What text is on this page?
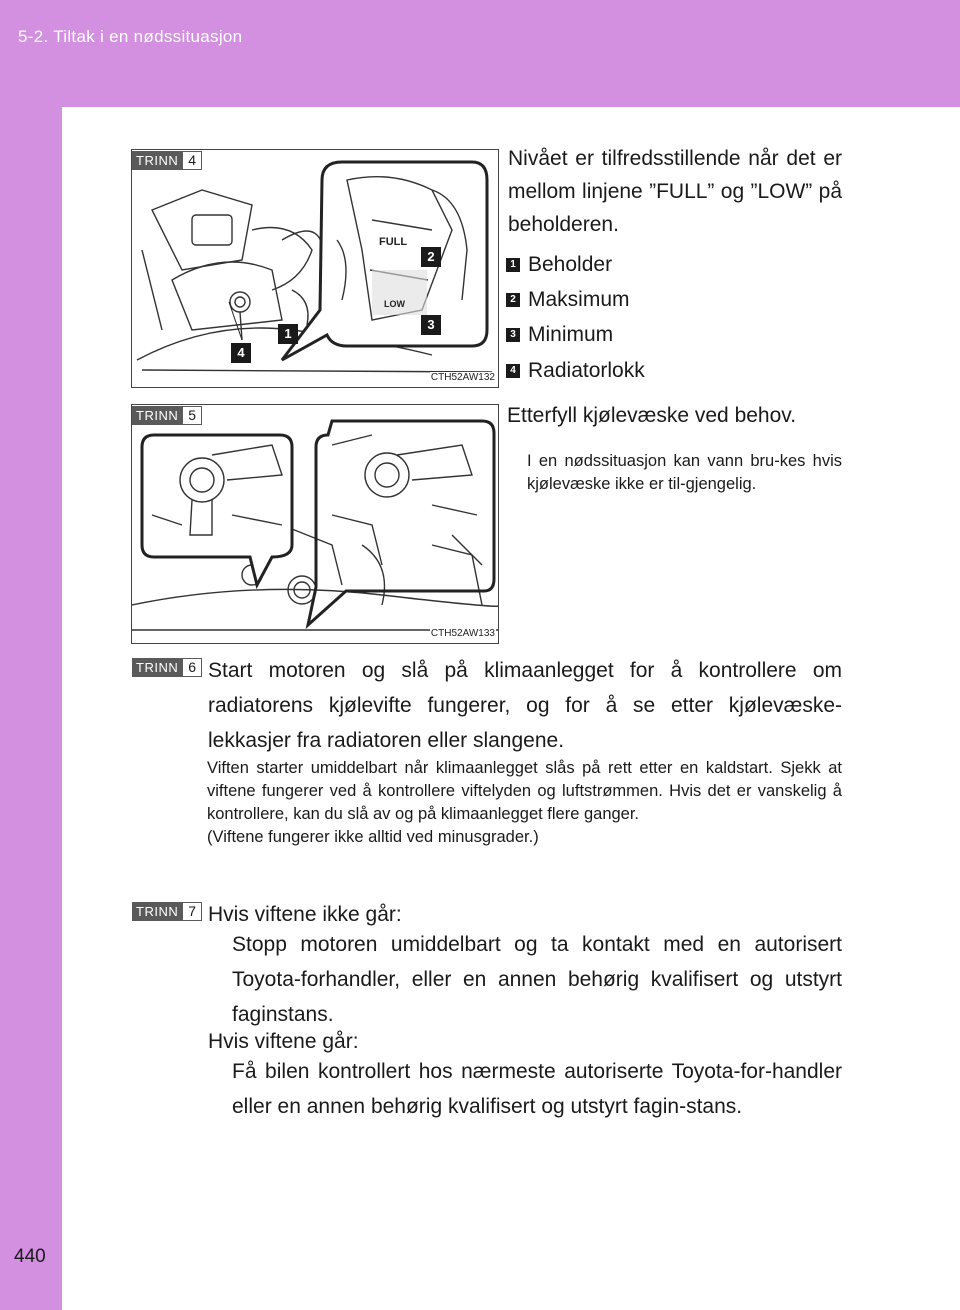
5-2. Tiltak i en nødssituasjon
440
FULL
LOW
1
2
3
4
CTH52AW132
TRINN 4	Nivået er tilfredsstillende når det er mellom linjene ”FULL” og ”LOW” på beholderen.
1 Beholder
2 Maksimum
3 Minimum
4 Radiatorlokk
CTH52AW133
TRINN 5	Etterfyll kjølevæske ved behov.
I en nødssituasjon kan vann bru-kes hvis kjølevæske ikke er til-gjengelig.
TRINN 6 Start motoren og slå på klimaanlegget for å kontrollere om radiatorens kjølevifte fungerer, og for å se etter kjølevæske-lekkasjer fra radiatoren eller slangene.
Viften starter umiddelbart når klimaanlegget slås på rett etter en kaldstart. Sjekk at viftene fungerer ved å kontrollere viftelyden og luftstrømmen. Hvis det er vanskelig å kontrollere, kan du slå av og på klimaanlegget flere ganger.
(Viftene fungerer ikke alltid ved minusgrader.)
TRINN 7 Hvis viftene ikke går:
Stopp motoren umiddelbart og ta kontakt med en autorisert Toyota-forhandler, eller en annen behørig kvalifisert og utstyrt faginstans.
Hvis viftene går:
Få bilen kontrollert hos nærmeste autoriserte Toyota-for-handler eller en annen behørig kvalifisert og utstyrt fagin-stans.
